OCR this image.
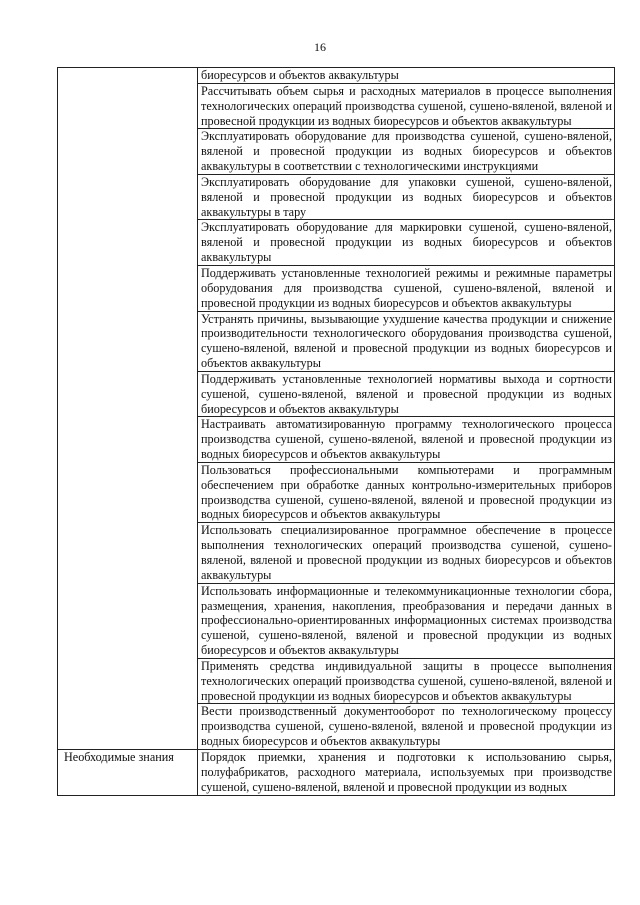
16

	биоресурсов и объектов аквакультуры

	Рассчитывать объем сырья и расходных материалов в процессе выполнения технологических операций производства сушеной, сушено-вяленой, вяленой и провесной продукции из водных биоресурсов и объектов аквакультуры

	Эксплуатировать оборудование для производства сушеной, сушено-вяленой, вяленой и провесной продукции из водных биоресурсов и объектов аквакультуры в соответствии с технологическими инструкциями

	Эксплуатировать оборудование для упаковки сушеной, сушено-вяленой, вяленой и провесной продукции из водных биоресурсов и объектов аквакультуры в тару

	Эксплуатировать оборудование для маркировки сушеной, сушено-вяленой, вяленой и провесной продукции из водных биоресурсов и объектов аквакультуры

	Поддерживать установленные технологией режимы и режимные параметры оборудования для производства сушеной, сушено-вяленой, вяленой и провесной продукции из водных биоресурсов и объектов аквакультуры

	Устранять причины, вызывающие ухудшение качества продукции и снижение производительности технологического оборудования производства сушеной, сушено-вяленой, вяленой и провесной продукции из водных биоресурсов и объектов аквакультуры

	Поддерживать установленные технологией нормативы выхода и сортности сушеной, сушено-вяленой, вяленой и провесной продукции из водных биоресурсов и объектов аквакультуры

	Настраивать автоматизированную программу технологического процесса производства сушеной, сушено-вяленой, вяленой и провесной продукции из водных биоресурсов и объектов аквакультуры

	Пользоваться профессиональными компьютерами и программным обеспечением при обработке данных контрольно-измерительных приборов производства сушеной, сушено-вяленой, вяленой и провесной продукции из водных биоресурсов и объектов аквакультуры

	Использовать специализированное программное обеспечение в процессе выполнения технологических операций производства сушеной, сушено-вяленой, вяленой и провесной продукции из водных биоресурсов и объектов аквакультуры

	Использовать информационные и телекоммуникационные технологии сбора, размещения, хранения, накопления, преобразования и передачи данных в профессионально-ориентированных информационных системах производства сушеной, сушено-вяленой, вяленой и провесной продукции из водных биоресурсов и объектов аквакультуры

	Применять средства индивидуальной защиты в процессе выполнения технологических операций производства сушеной, сушено-вяленой, вяленой и провесной продукции из водных биоресурсов и объектов аквакультуры

	Вести производственный документооборот по технологическому процессу производства сушеной, сушено-вяленой, вяленой и провесной продукции из водных биоресурсов и объектов аквакультуры

Необходимые знания	Порядок приемки, хранения и подготовки к использованию сырья, полуфабрикатов, расходного материала, используемых при производстве сушеной, сушено-вяленой, вяленой и провесной продукции из водных
